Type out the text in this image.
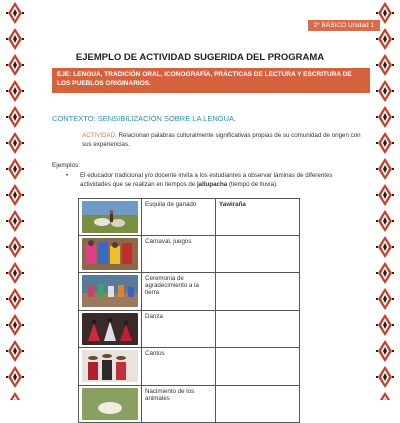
2° BÁSICO Unidad 1
EJEMPLO DE ACTIVIDAD SUGERIDA DEL PROGRAMA
EJE: LENGUA, TRADICIÓN ORAL, ICONOGRAFÍA, PRÁCTICAS DE LECTURA Y ESCRITURA DE LOS PUEBLOS ORIGINARIOS.
CONTEXTO: SENSIBILIZACIÓN SOBRE LA LENGUA.
ACTIVIDAD: Relacionan palabras culturalmente significativas propias de su comunidad de origen con sus experiencias.
Ejemplos:
• El educador tradicional y/o docente invita a los estudiantes a observar láminas de diferentes actividades que se realizan en tiempos de jallupacha (tiempo de lluvia).
	Esquila de ganado	Yawiraña

	Carnaval, juegos	

	Ceremonia de agradecimiento a la tierra	

	Danza	

	Cantos	

	Nacimiento de los animales	
